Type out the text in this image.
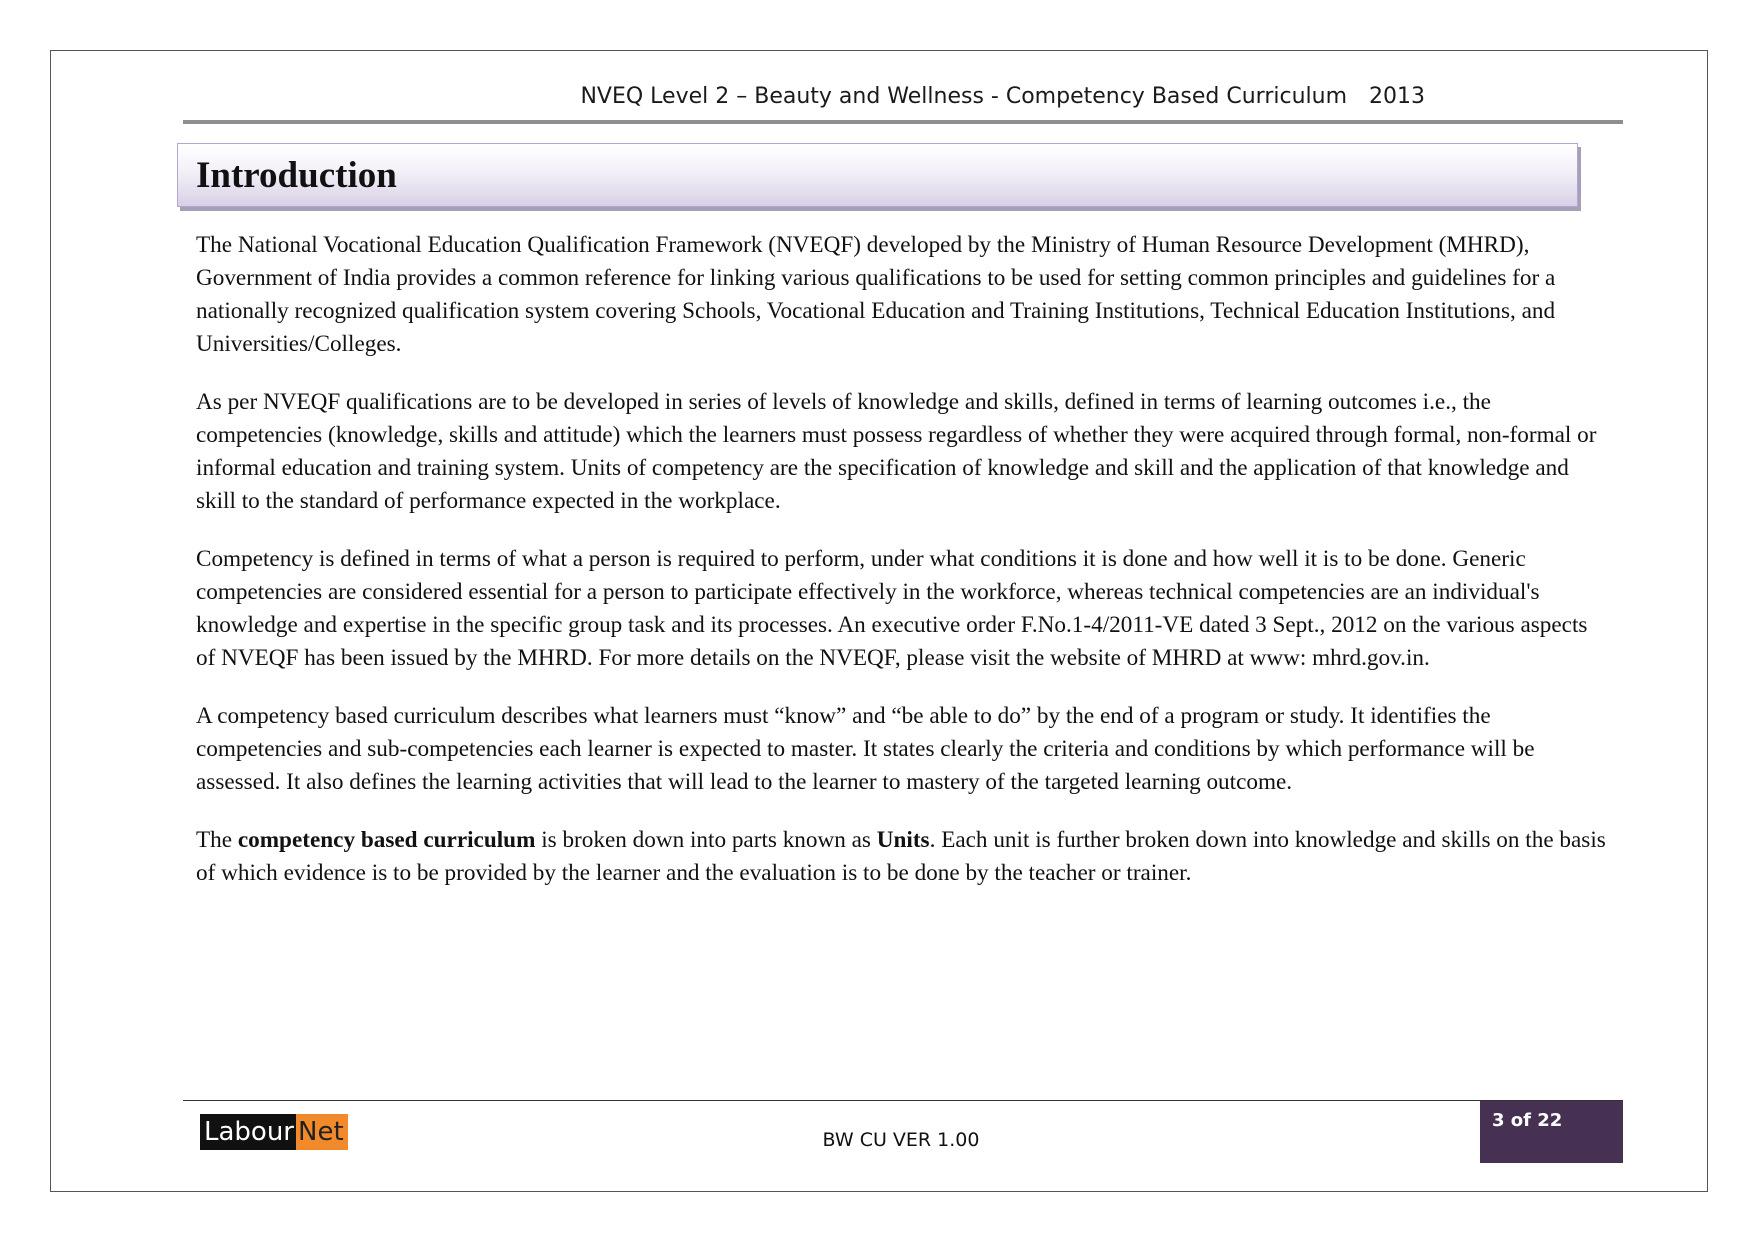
NVEQ Level 2 – Beauty and Wellness - Competency Based Curriculum 2013
Introduction

The National Vocational Education Qualification Framework (NVEQF) developed by the Ministry of Human Resource Development (MHRD), Government of India provides a common reference for linking various qualifications to be used for setting common principles and guidelines for a nationally recognized qualification system covering Schools, Vocational Education and Training Institutions, Technical Education Institutions, and Universities/Colleges.

As per NVEQF qualifications are to be developed in series of levels of knowledge and skills, defined in terms of learning outcomes i.e., the competencies (knowledge, skills and attitude) which the learners must possess regardless of whether they were acquired through formal, non-formal or informal education and training system. Units of competency are the specification of knowledge and skill and the application of that knowledge and skill to the standard of performance expected in the workplace.

Competency is defined in terms of what a person is required to perform, under what conditions it is done and how well it is to be done. Generic competencies are considered essential for a person to participate effectively in the workforce, whereas technical competencies are an individual's knowledge and expertise in the specific group task and its processes. An executive order F.No.1-4/2011-VE dated 3 Sept., 2012 on the various aspects of NVEQF has been issued by the MHRD. For more details on the NVEQF, please visit the website of MHRD at www: mhrd.gov.in.

A competency based curriculum describes what learners must “know” and “be able to do” by the end of a program or study. It identifies the competencies and sub-competencies each learner is expected to master. It states clearly the criteria and conditions by which performance will be assessed. It also defines the learning activities that will lead to the learner to mastery of the targeted learning outcome.

The competency based curriculum is broken down into parts known as Units. Each unit is further broken down into knowledge and skills on the basis of which evidence is to be provided by the learner and the evaluation is to be done by the teacher or trainer.

Labour Net	BW CU VER 1.00
3 of 22
